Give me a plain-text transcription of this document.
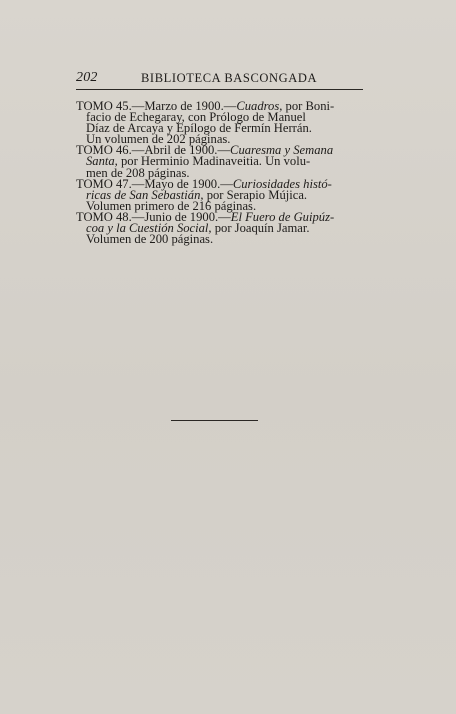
202	BIBLIOTECA BASCONGADA

TOMO 45.—Marzo de 1900.—Cuadros, por Boni-
facio de Echegaray, con Prólogo de Manuel
Díaz de Arcaya y Epílogo de Fermín Herrán.
Un volumen de 202 páginas.

TOMO 46.—Abril de 1900.—Cuaresma y Semana
Santa, por Herminio Madinaveitia. Un volu-
men de 208 páginas.

TOMO 47.—Mayo de 1900.—Curiosidades histó-
ricas de San Sebastián, por Serapio Mújica.
Volumen primero de 216 páginas.

TOMO 48.—Junio de 1900.—El Fuero de Guipúz-
coa y la Cuestión Social, por Joaquín Jamar.
Volumen de 200 páginas.
